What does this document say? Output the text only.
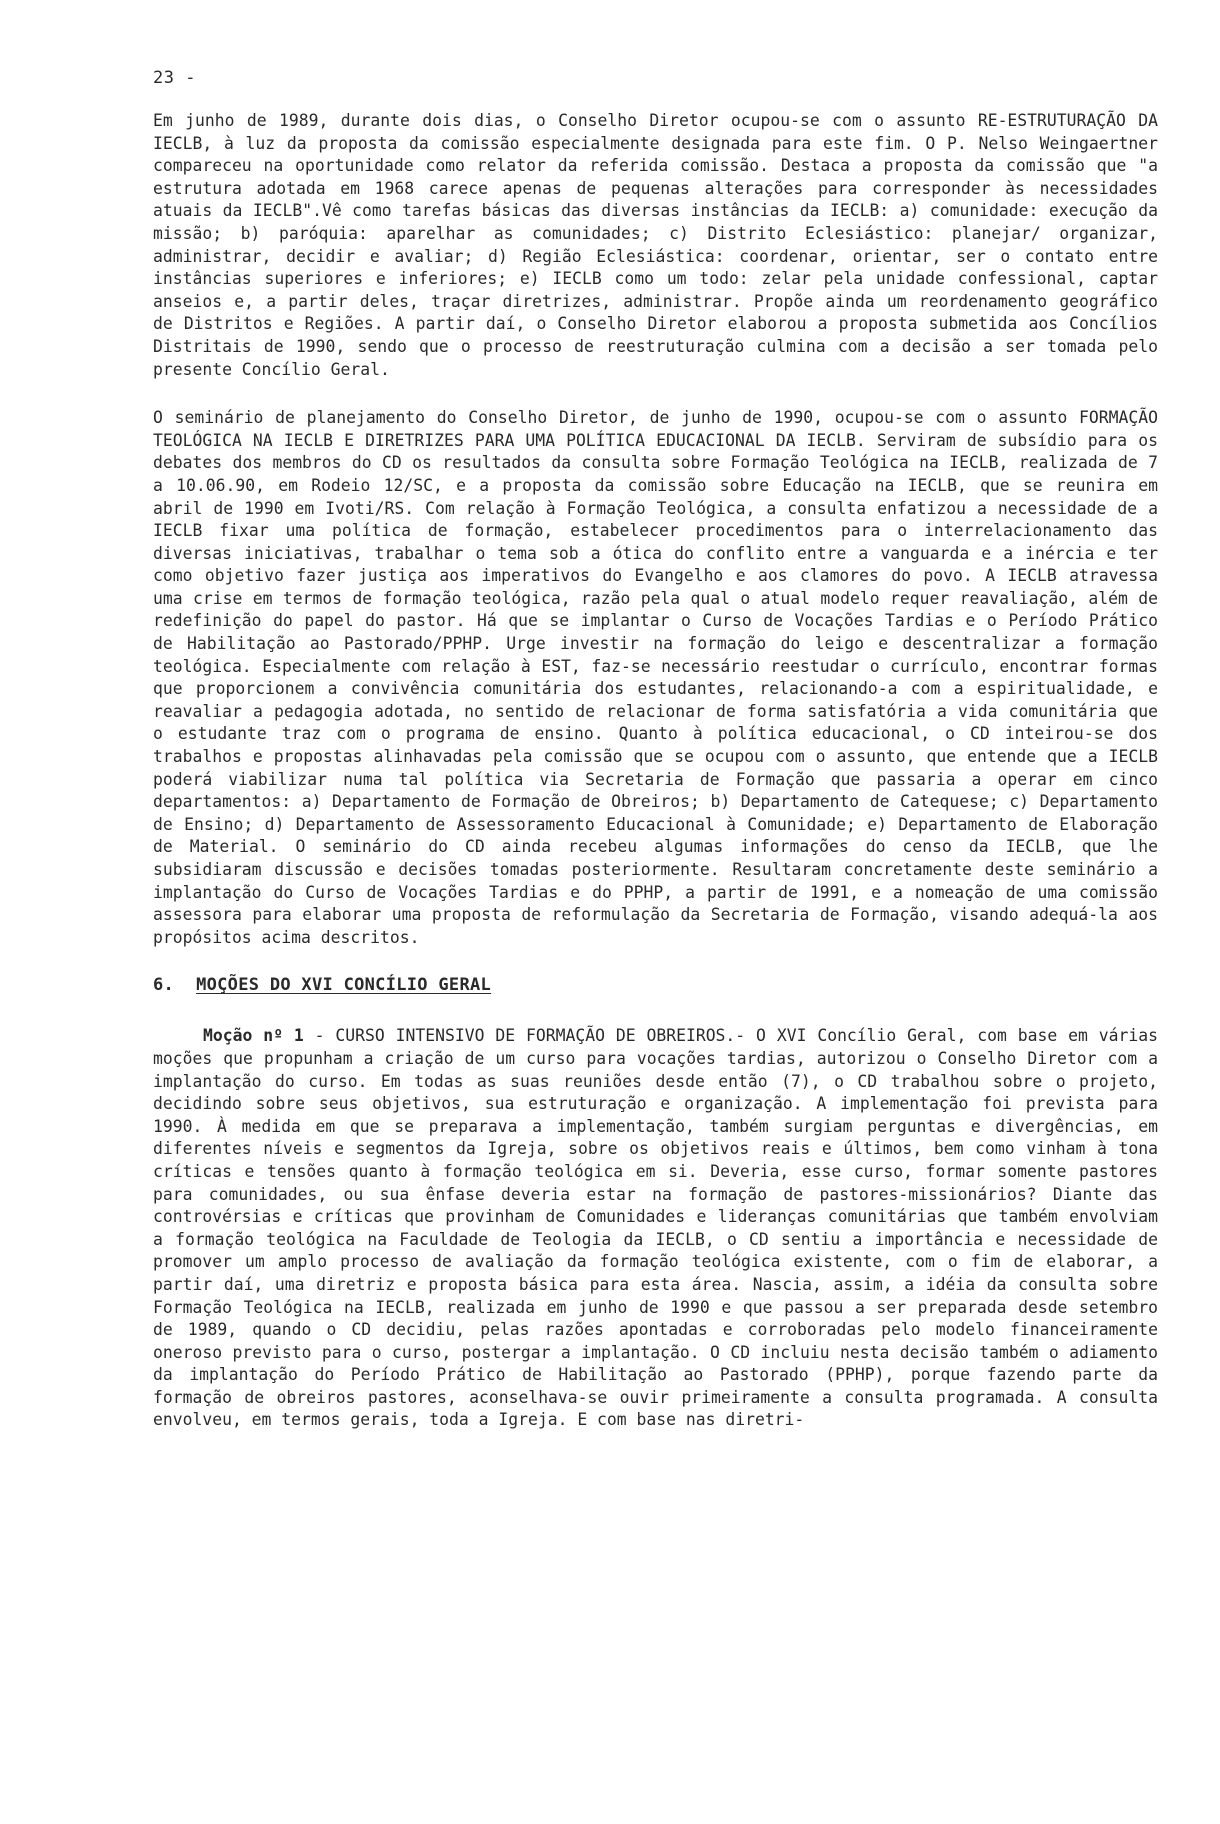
23 -

Em junho de 1989, durante dois dias, o Conselho Diretor ocupou-se com o assunto RE-ESTRUTURAÇÃO DA IECLB, à luz da proposta da comissão especialmente designada para este fim. O P. Nelso Weingaertner compareceu na oportunidade como relator da referida comissão. Destaca a proposta da comissão que "a estrutura adotada em 1968 carece apenas de pequenas alterações para corresponder às necessidades atuais da IECLB".Vê como tarefas básicas das diversas instâncias da IECLB: a) comunidade: execução da missão; b) paróquia: aparelhar as comunidades; c) Distrito Eclesiástico: planejar/ organizar, administrar, decidir e avaliar; d) Região Eclesiástica: coordenar, orientar, ser o contato entre instâncias superiores e inferiores; e) IECLB como um todo: zelar pela unidade confessional, captar anseios e, a partir deles, traçar diretrizes, administrar. Propõe ainda um reordenamento geográfico de Distritos e Regiões. A partir daí, o Conselho Diretor elaborou a proposta submetida aos Concílios Distritais de 1990, sendo que o processo de reestruturação culmina com a decisão a ser tomada pelo presente Concílio Geral.

O seminário de planejamento do Conselho Diretor, de junho de 1990, ocupou-se com o assunto FORMAÇÃO TEOLÓGICA NA IECLB E DIRETRIZES PARA UMA POLÍTICA EDUCACIONAL DA IECLB. Serviram de subsídio para os debates dos membros do CD os resultados da consulta sobre Formação Teológica na IECLB, realizada de 7 a 10.06.90, em Rodeio 12/SC, e a proposta da comissão sobre Educação na IECLB, que se reunira em abril de 1990 em Ivoti/RS. Com relação à Formação Teológica, a consulta enfatizou a necessidade de a IECLB fixar uma política de formação, estabelecer procedimentos para o interrelacionamento das diversas iniciativas, trabalhar o tema sob a ótica do conflito entre a vanguarda e a inércia e ter como objetivo fazer justiça aos imperativos do Evangelho e aos clamores do povo. A IECLB atravessa uma crise em termos de formação teológica, razão pela qual o atual modelo requer reavaliação, além de redefinição do papel do pastor. Há que se implantar o Curso de Vocações Tardias e o Período Prático de Habilitação ao Pastorado/PPHP. Urge investir na formação do leigo e descentralizar a formação teológica. Especialmente com relação à EST, faz-se necessário reestudar o currículo, encontrar formas que proporcionem a convivência comunitária dos estudantes, relacionando-a com a espiritualidade, e reavaliar a pedagogia adotada, no sentido de relacionar de forma satisfatória a vida comunitária que o estudante traz com o programa de ensino. Quanto à política educacional, o CD inteirou-se dos trabalhos e propostas alinhavadas pela comissão que se ocupou com o assunto, que entende que a IECLB poderá viabilizar numa tal política via Secretaria de Formação que passaria a operar em cinco departamentos: a) Departamento de Formação de Obreiros; b) Departamento de Catequese; c) Departamento de Ensino; d) Departamento de Assessoramento Educacional à Comunidade; e) Departamento de Elaboração de Material. O seminário do CD ainda recebeu algumas informações do censo da IECLB, que lhe subsidiaram discussão e decisões tomadas posteriormente. Resultaram concretamente deste seminário a implantação do Curso de Vocações Tardias e do PPHP, a partir de 1991, e a nomeação de uma comissão assessora para elaborar uma proposta de reformulação da Secretaria de Formação, visando adequá-la aos propósitos acima descritos.

6. MOÇÕES DO XVI CONCÍLIO GERAL

Moção nº 1 - CURSO INTENSIVO DE FORMAÇÃO DE OBREIROS.- O XVI Concílio Geral, com base em várias moções que propunham a criação de um curso para vocações tardias, autorizou o Conselho Diretor com a implantação do curso. Em todas as suas reuniões desde então (7), o CD trabalhou sobre o projeto, decidindo sobre seus objetivos, sua estruturação e organização. A implementação foi prevista para 1990. À medida em que se preparava a implementação, também surgiam perguntas e divergências, em diferentes níveis e segmentos da Igreja, sobre os objetivos reais e últimos, bem como vinham à tona críticas e tensões quanto à formação teológica em si. Deveria, esse curso, formar somente pastores para comunidades, ou sua ênfase deveria estar na formação de pastores-missionários? Diante das controvérsias e críticas que provinham de Comunidades e lideranças comunitárias que também envolviam a formação teológica na Faculdade de Teologia da IECLB, o CD sentiu a importância e necessidade de promover um amplo processo de avaliação da formação teológica existente, com o fim de elaborar, a partir daí, uma diretriz e proposta básica para esta área. Nascia, assim, a idéia da consulta sobre Formação Teológica na IECLB, realizada em junho de 1990 e que passou a ser preparada desde setembro de 1989, quando o CD decidiu, pelas razões apontadas e corroboradas pelo modelo financeiramente oneroso previsto para o curso, postergar a implantação. O CD incluiu nesta decisão também o adiamento da implantação do Período Prático de Habilitação ao Pastorado (PPHP), porque fazendo parte da formação de obreiros pastores, aconselhava-se ouvir primeiramente a consulta programada. A consulta envolveu, em termos gerais, toda a Igreja. E com base nas diretri-
